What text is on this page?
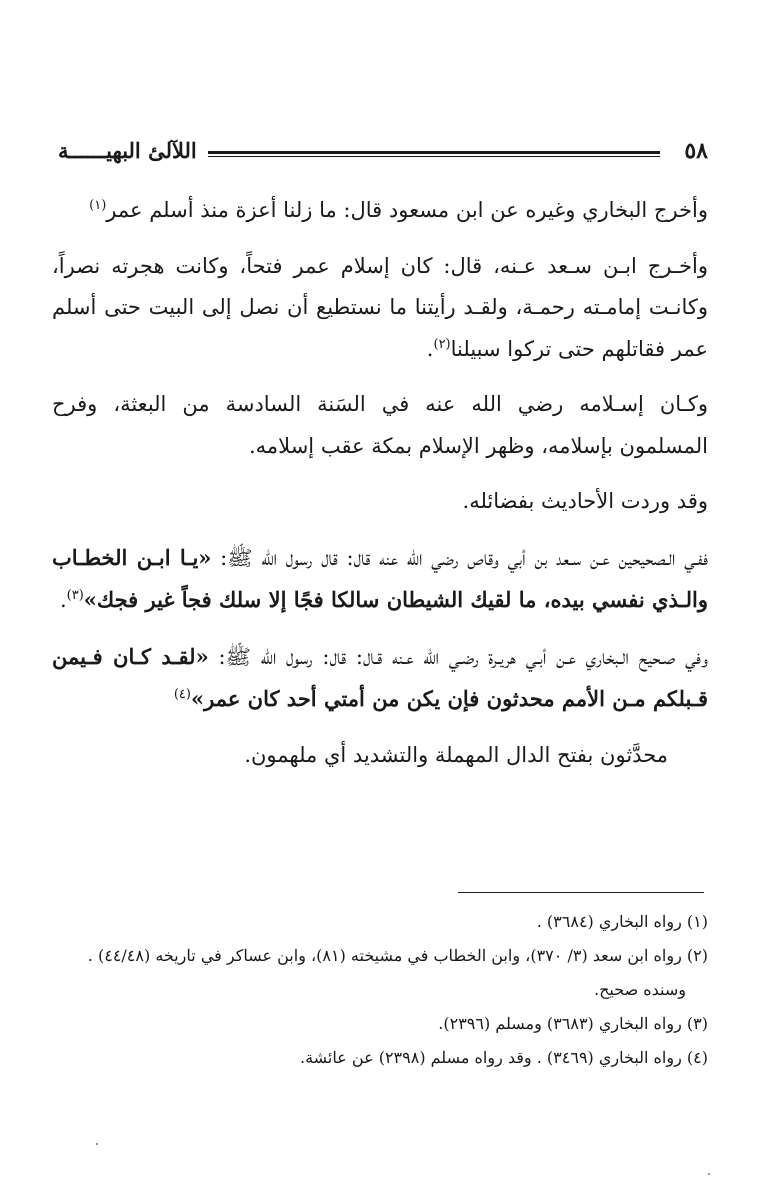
اللآلئ البهيــــــة	٥٨

وأخرج البخاري وغيره عن ابن مسعود قال: ما زلنا أعزة منذ أسلم عمر$^{(١)}$

وأخـرج ابـن سـعد عـنه، قال: كان إسلام عمر فتحاً، وكانت هجرته نصراً، وكانـت إمامـته رحمـة، ولقـد رأيتنا ما نستطيع أن نصل إلى البيت حتى أسلم عمر فقاتلهم حتى تركوا سبيلنا$^{(٢)}$.

وكـان إسـلامه رضي الله عنه في السَنة السادسة من البعثة، وفرح المسلمون بإسلامه، وظهر الإسلام بمكة عقب إسلامه.

وقد وردت الأحاديث بفضائله.

ففـي الـصحيحين عـن سـعد بن أبي وقاص رضي الله عنه قال: قال رسول الله ﷺ: «يـا ابـن الخطـاب والـذي نفسي بيده، ما لقيك الشيطان سالكا فجًا إلا سلك فجاً غير فجك»$^{(٣)}$.

وفي صـحيح الـبخاري عـن أبـي هريـرة رضـي الله عـنه قـال: قال: رسول الله ﷺ: «لقـد كـان فـيمن قـبلكم مـن الأمم محدثون فإن يكن من أمتي أحد كان عمر»$^{(٤)}$

محدَّثون بفتح الدال المهملة والتشديد أي ملهمون.

(١) رواه البخاري (٣٦٨٤) .
(٢) رواه ابن سعد (٣/ ٣٧٠)، وابن الخطاب في مشيخته (٨١)، وابن عساكر في تاريخه (٤٤/٤٨) .
وسنده صحيح.
(٣) رواه البخاري (٣٦٨٣) ومسلم (٢٣٩٦).
(٤) رواه البخاري (٣٤٦٩) . وقد رواه مسلم (٢٣٩٨) عن عائشة.
